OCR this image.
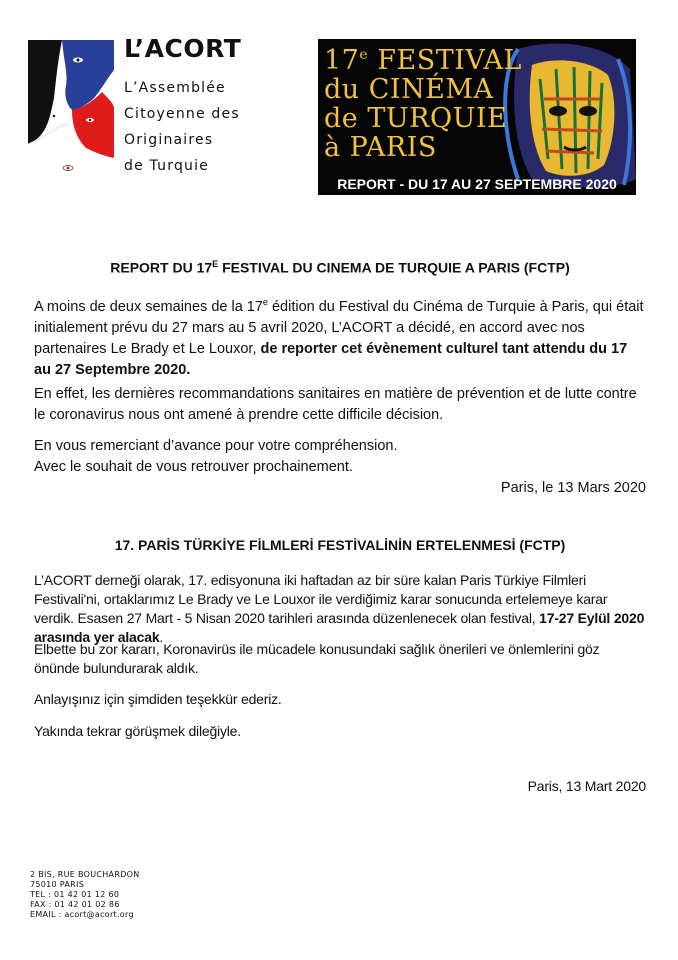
L’ACORT
L’Assemblée
Citoyenne des
Originaires
de Turquie
17e FESTIVAL
du CINÉMA
de TURQUIE
à PARIS
REPORT - DU 17 AU 27 SEPTEMBRE 2020
REPORT DU $17^E$ FESTIVAL DU CINEMA DE TURQUIE A PARIS (FCTP)

A moins de deux semaines de la 17e édition du Festival du Cinéma de Turquie à Paris, qui était initialement prévu du 27 mars au 5 avril 2020, L’ACORT a décidé, en accord avec nos partenaires Le Brady et Le Louxor, de reporter cet évènement culturel tant attendu du 17 au 27 Septembre 2020.

En effet, les dernières recommandations sanitaires en matière de prévention et de lutte contre le coronavirus nous ont amené à prendre cette difficile décision.

En vous remerciant d’avance pour votre compréhension.

Avec le souhait de vous retrouver prochainement.

Paris, le 13 Mars 2020

17. PARİS TÜRKİYE FİLMLERİ FESTİVALİNİN ERTELENMESİ (FCTP)

L’ACORT derneği olarak, 17. edisyonuna iki haftadan az bir süre kalan Paris Türkiye Filmleri Festivali'ni, ortaklarımız Le Brady ve Le Louxor ile verdiğimiz karar sonucunda ertelemeye karar verdik. Esasen 27 Mart - 5 Nisan 2020 tarihleri arasında düzenlenecek olan festival, 17-27 Eylül 2020 arasında yer alacak.

Elbette bu zor kararı, Koronavirüs ile mücadele konusundaki sağlık önerileri ve önlemlerini göz önünde bulundurarak aldık.

Anlayışınız için şimdiden teşekkür ederiz.

Yakında tekrar görüşmek dileğiyle.

Paris, 13 Mart 2020

2 BIS, RUE BOUCHARDON
75010 PARIS
TEL : 01 42 01 12 60
FAX : 01 42 01 02 86
EMAIL : acort@acort.org
